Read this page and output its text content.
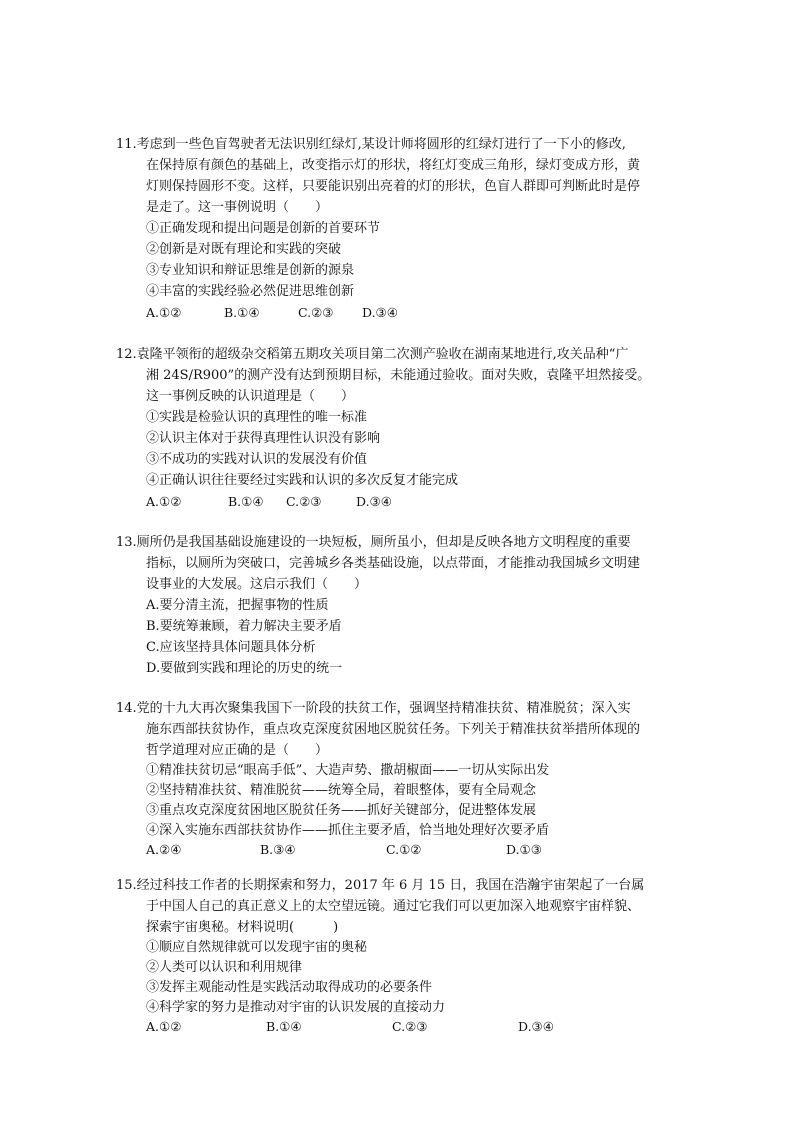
11.考虑到一些色盲驾驶者无法识别红绿灯,某设计师将圆形的红绿灯进行了一下小的修改,
在保持原有颜色的基础上，改变指示灯的形状，将红灯变成三角形，绿灯变成方形，黄
灯则保持圆形不变。这样，只要能识别出亮着的灯的形状，色盲人群即可判断此时是停
是走了。这一事例说明（　　）
①正确发现和提出问题是创新的首要环节
②创新是对既有理论和实践的突破
③专业知识和辩证思维是创新的源泉
④丰富的实践经验必然促进思维创新
A.①②	B.①④	C.②③	D.③④
12.袁隆平领衔的超级杂交稻第五期攻关项目第二次测产验收在湖南某地进行,攻关品种“广
湘 24S/R900”的测产没有达到预期目标，未能通过验收。面对失败，袁隆平坦然接受。
这一事例反映的认识道理是（　　）
①实践是检验认识的真理性的唯一标准
②认识主体对于获得真理性认识没有影响
③不成功的实践对认识的发展没有价值
④正确认识往往要经过实践和认识的多次反复才能完成
A.①②	B.①④	C.②③	D.③④
13.厕所仍是我国基础设施建设的一块短板，厕所虽小，但却是反映各地方文明程度的重要
指标，以厕所为突破口，完善城乡各类基础设施，以点带面，才能推动我国城乡文明建
设事业的大发展。这启示我们（　　）
A.要分清主流，把握事物的性质
B.要统筹兼顾，着力解决主要矛盾
C.应该坚持具体问题具体分析
D.要做到实践和理论的历史的统一
14.党的十九大再次聚集我国下一阶段的扶贫工作，强调坚持精准扶贫、精准脱贫；深入实
施东西部扶贫协作，重点攻克深度贫困地区脱贫任务。下列关于精准扶贫举措所体现的
哲学道理对应正确的是（　　）
①精准扶贫切忌“眼高手低”、大造声势、撒胡椒面——一切从实际出发
②坚持精准扶贫、精准脱贫——统筹全局，着眼整体，要有全局观念
③重点攻克深度贫困地区脱贫任务——抓好关键部分，促进整体发展
④深入实施东西部扶贫协作——抓住主要矛盾，恰当地处理好次要矛盾
A.②④	B.③④	C.①②	D.①③
15.经过科技工作者的长期探索和努力，2017 年 6 月 15 日，我国在浩瀚宇宙架起了一台属
于中国人自己的真正意义上的太空望远镜。通过它我们可以更加深入地观察宇宙样貌、
探索宇宙奥秘。材料说明(　　　)
①顺应自然规律就可以发现宇宙的奥秘
②人类可以认识和利用规律
③发挥主观能动性是实践活动取得成功的必要条件
④科学家的努力是推动对宇宙的认识发展的直接动力
A.①②	B.①④	C.②③	D.③④
